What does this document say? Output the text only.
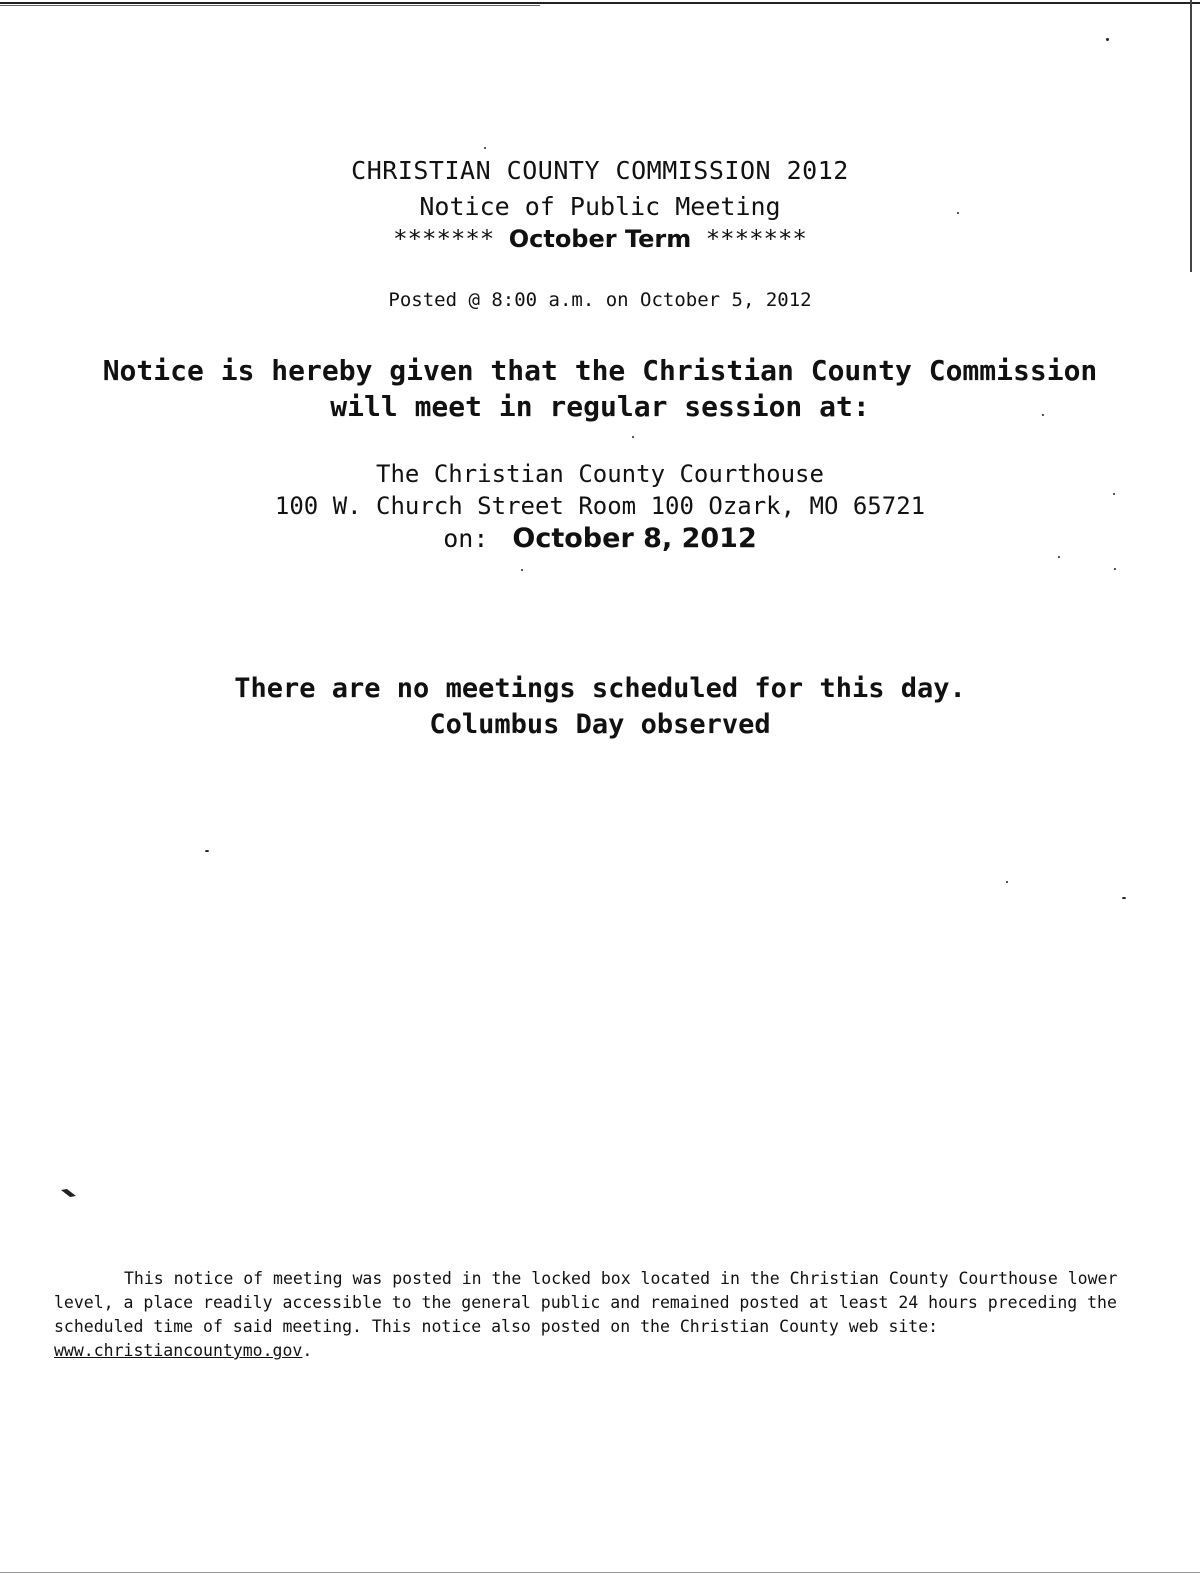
CHRISTIAN COUNTY COMMISSION 2012
Notice of Public Meeting
******* October Term *******
Posted @ 8:00 a.m. on October 5, 2012
Notice is hereby given that the Christian County Commission
will meet in regular session at:
The Christian County Courthouse
100 W. Church Street Room 100 Ozark, MO 65721
on: October 8, 2012
There are no meetings scheduled for this day.
Columbus Day observed
This notice of meeting was posted in the locked box located in the Christian County Courthouse lower level, a place readily accessible to the general public and remained posted at least 24 hours preceding the scheduled time of said meeting. This notice also posted on the Christian County web site: www.christiancountymo.gov.
